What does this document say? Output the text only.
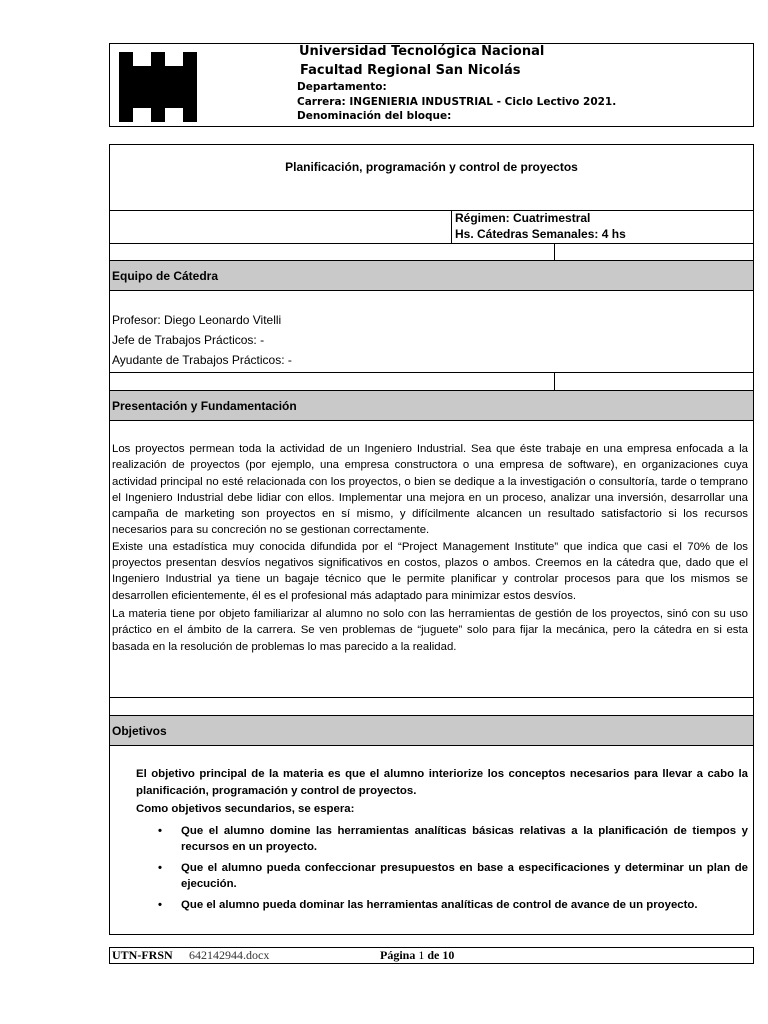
Universidad Tecnológica Nacional
Facultad Regional San Nicolás
Departamento:
Carrera: INGENIERIA INDUSTRIAL - Ciclo Lectivo 2021.
Denominación del bloque:
Planificación, programación y control de proyectos
Régimen: Cuatrimestral
Hs. Cátedras Semanales: 4 hs
Equipo de Cátedra
Profesor: Diego Leonardo Vitelli
Jefe de Trabajos Prácticos: -
Ayudante de Trabajos Prácticos: -
Presentación y Fundamentación

Los proyectos permean toda la actividad de un Ingeniero Industrial. Sea que éste trabaje en una empresa enfocada a la realización de proyectos (por ejemplo, una empresa constructora o una empresa de software), en organizaciones cuya actividad principal no esté relacionada con los proyectos, o bien se dedique a la investigación o consultoría, tarde o temprano el Ingeniero Industrial debe lidiar con ellos. Implementar una mejora en un proceso, analizar una inversión, desarrollar una campaña de marketing son proyectos en sí mismo, y difícilmente alcancen un resultado satisfactorio si los recursos necesarios para su concreción no se gestionan correctamente.

Existe una estadística muy conocida difundida por el “Project Management Institute” que indica que casi el 70% de los proyectos presentan desvíos negativos significativos en costos, plazos o ambos. Creemos en la cátedra que, dado que el Ingeniero Industrial ya tiene un bagaje técnico que le permite planificar y controlar procesos para que los mismos se desarrollen eficientemente, él es el profesional más adaptado para minimizar estos desvíos.

La materia tiene por objeto familiarizar al alumno no solo con las herramientas de gestión de los proyectos, sinó con su uso práctico en el ámbito de la carrera. Se ven problemas de “juguete” solo para fijar la mecánica, pero la cátedra en si esta basada en la resolución de problemas lo mas parecido a la realidad.

Objetivos
El objetivo principal de la materia es que el alumno interiorize los conceptos necesarios para llevar a cabo la planificación, programación y control de proyectos.
Como objetivos secundarios, se espera:
• Que el alumno domine las herramientas analíticas básicas relativas a la planificación de tiempos y recursos en un proyecto.
• Que el alumno pueda confeccionar presupuestos en base a especificaciones y determinar un plan de ejecución.
• Que el alumno pueda dominar las herramientas analíticas de control de avance de un proyecto.
UTN-FRSN 642142944.docx	Página 1 de 10
